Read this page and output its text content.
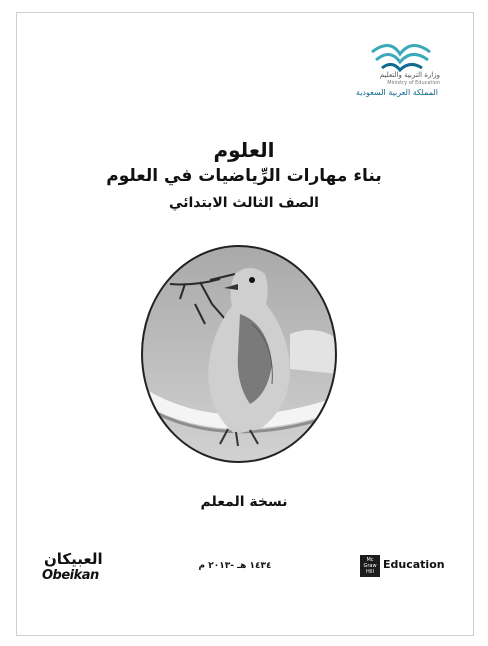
وزارة التربية والتعليم
Ministry of Education
المملكة العربية السعودية
العلوم
بناء مهارات الرِّياضيات في العلوم
الصف الثالث الابتدائي
نسخة المعلم
العبيكان
Obeikan
١٤٣٤ هـ -٢٠١٣ م
Mc Graw Hill
Education
